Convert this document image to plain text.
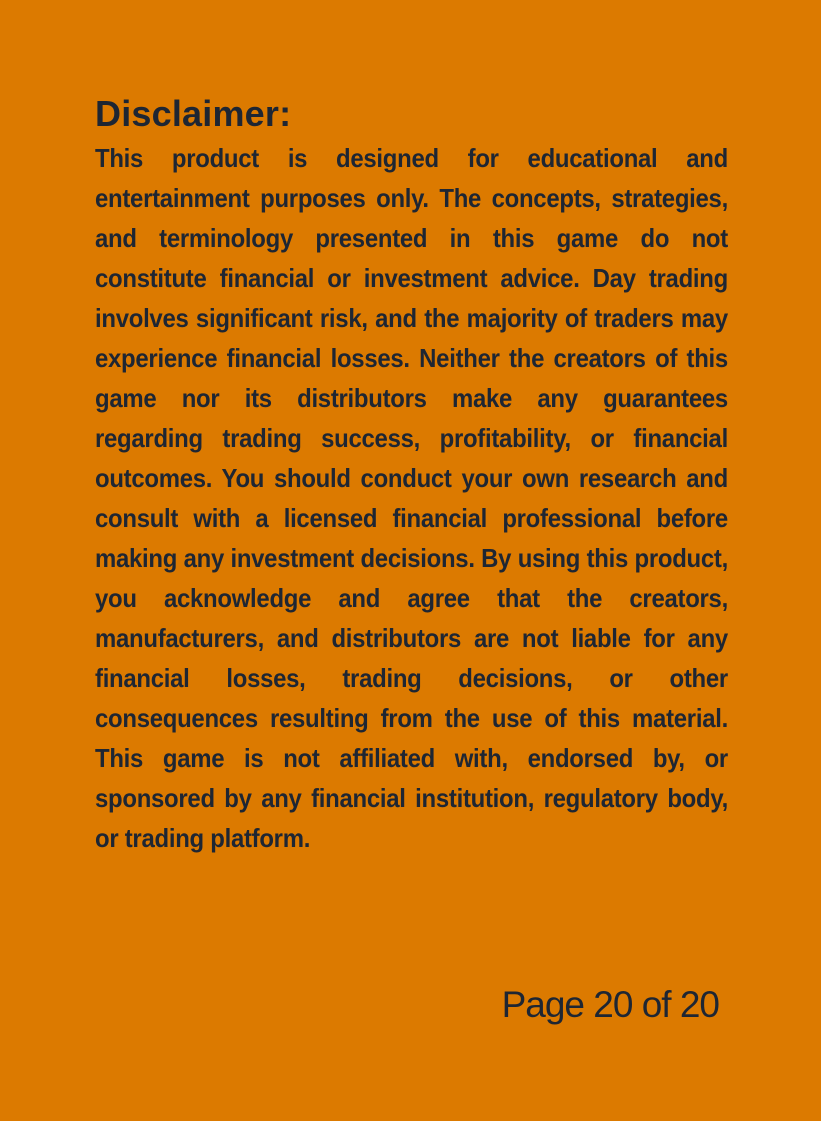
Disclaimer:

This product is designed for educational and entertainment purposes only. The concepts, strategies, and terminology presented in this game do not constitute financial or investment advice. Day trading involves significant risk, and the majority of traders may experience financial losses. Neither the creators of this game nor its distributors make any guarantees regarding trading success, profitability, or financial outcomes. You should conduct your own research and consult with a licensed financial professional before making any investment decisions. By using this product, you acknowledge and agree that the creators, manufacturers, and distributors are not liable for any financial losses, trading decisions, or other consequences resulting from the use of this material. This game is not affiliated with, endorsed by, or sponsored by any financial institution, regulatory body, or trading platform.

Page 20 of 20
